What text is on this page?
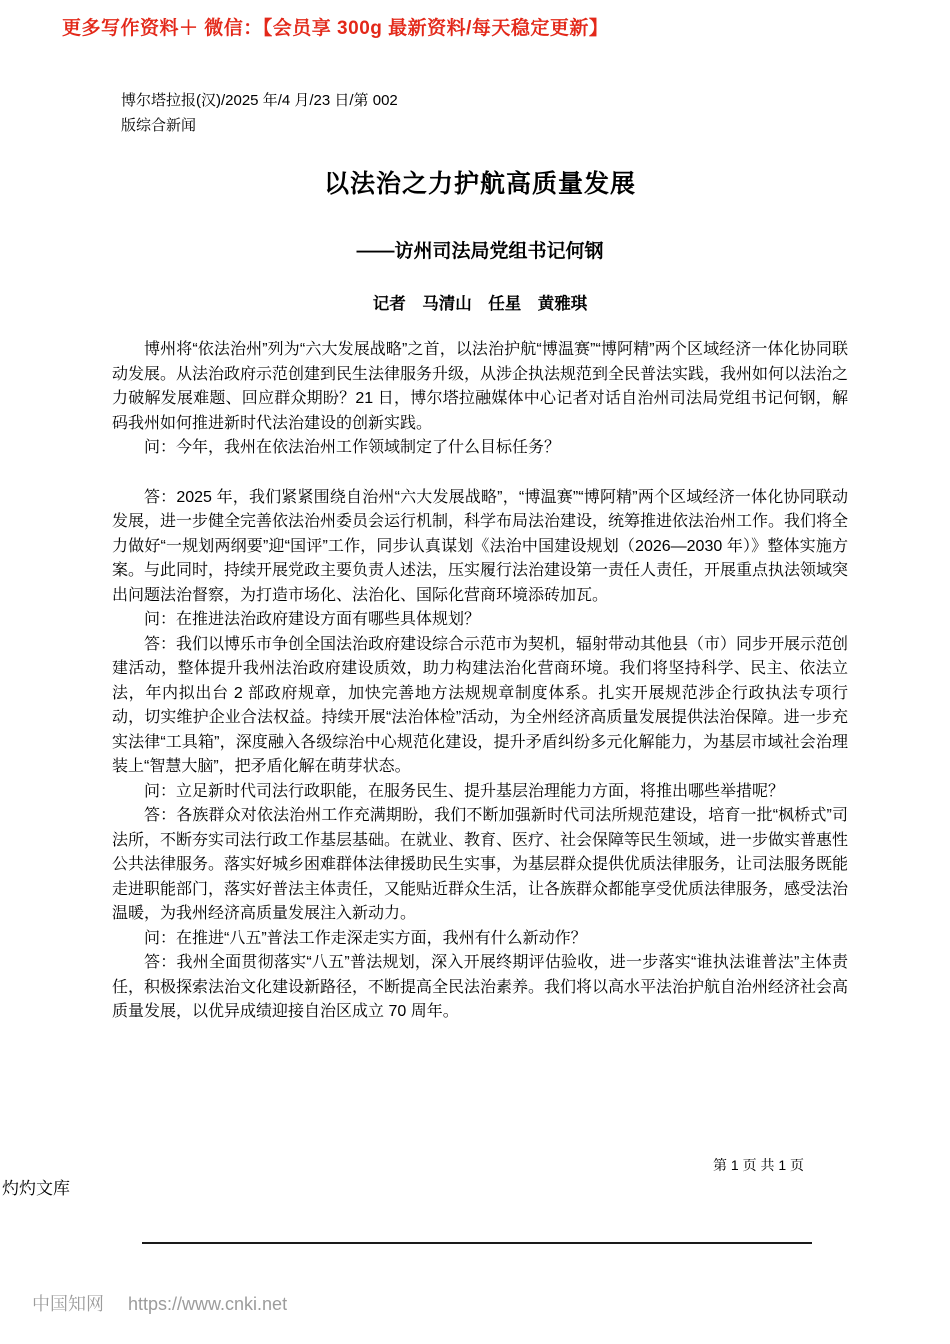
更多写作资料＋ 微信：【会员享 300g 最新资料/每天稳定更新】
博尔塔拉报(汉)/2025 年/4 月/23 日/第 002
版综合新闻
以法治之力护航高质量发展
——访州司法局党组书记何钢
记者　马清山　任星　黄雅琪

博州将“依法治州”列为“六大发展战略”之首，以法治护航“博温赛”“博阿精”两个区域经济一体化协同联动发展。从法治政府示范创建到民生法律服务升级，从涉企执法规范到全民普法实践，我州如何以法治之力破解发展难题、回应群众期盼？21 日，博尔塔拉融媒体中心记者对话自治州司法局党组书记何钢，解码我州如何推进新时代法治建设的创新实践。

问：今年，我州在依法治州工作领域制定了什么目标任务？

答：2025 年，我们紧紧围绕自治州“六大发展战略”，“博温赛”“博阿精”两个区域经济一体化协同联动发展，进一步健全完善依法治州委员会运行机制，科学布局法治建设，统筹推进依法治州工作。我们将全力做好“一规划两纲要”迎“国评”工作，同步认真谋划《法治中国建设规划（2026—2030 年）》整体实施方案。与此同时，持续开展党政主要负责人述法，压实履行法治建设第一责任人责任，开展重点执法领域突出问题法治督察，为打造市场化、法治化、国际化营商环境添砖加瓦。

问：在推进法治政府建设方面有哪些具体规划？

答：我们以博乐市争创全国法治政府建设综合示范市为契机，辐射带动其他县（市）同步开展示范创建活动，整体提升我州法治政府建设质效，助力构建法治化营商环境。我们将坚持科学、民主、依法立法，年内拟出台 2 部政府规章，加快完善地方法规规章制度体系。扎实开展规范涉企行政执法专项行动，切实维护企业合法权益。持续开展“法治体检”活动，为全州经济高质量发展提供法治保障。进一步充实法律“工具箱”，深度融入各级综治中心规范化建设，提升矛盾纠纷多元化解能力，为基层市域社会治理装上“智慧大脑”，把矛盾化解在萌芽状态。

问：立足新时代司法行政职能，在服务民生、提升基层治理能力方面，将推出哪些举措呢？

答：各族群众对依法治州工作充满期盼，我们不断加强新时代司法所规范建设，培育一批“枫桥式”司法所，不断夯实司法行政工作基层基础。在就业、教育、医疗、社会保障等民生领域，进一步做实普惠性公共法律服务。落实好城乡困难群体法律援助民生实事，为基层群众提供优质法律服务，让司法服务既能走进职能部门，落实好普法主体责任，又能贴近群众生活，让各族群众都能享受优质法律服务，感受法治温暖，为我州经济高质量发展注入新动力。

问：在推进“八五”普法工作走深走实方面，我州有什么新动作？

答：我州全面贯彻落实“八五”普法规划，深入开展终期评估验收，进一步落实“谁执法谁普法”主体责任，积极探索法治文化建设新路径，不断提高全民法治素养。我们将以高水平法治护航自治州经济社会高质量发展，以优异成绩迎接自治区成立 70 周年。

第 1 页 共 1 页
灼灼文库
中国知网 https://www.cnki.net
